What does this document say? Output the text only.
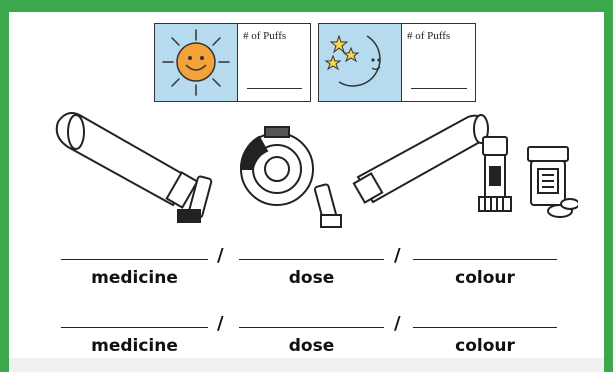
# of Puffs	# of Puffs
/	/
medicine	dose	colour
/	/
medicine	dose	colour
